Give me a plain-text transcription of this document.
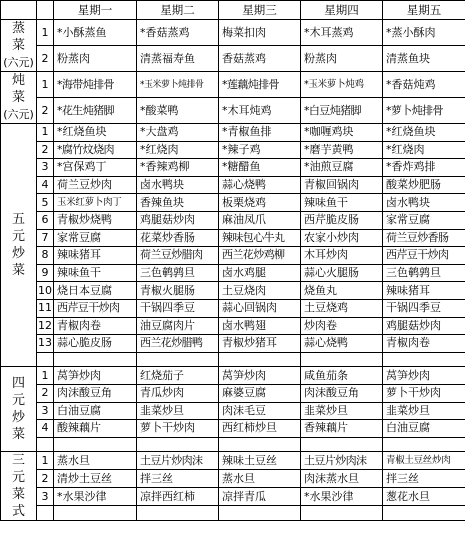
		星期一	星期二	星期三	星期四	星期五

蒸
菜
(六元)	1	*小酥蒸鱼	*香菇蒸鸡	梅菜扣肉	*木耳蒸鸡	*蒸小酥肉
	2	粉蒸肉	清蒸福寿鱼	香菇蒸鸡	粉蒸肉	清蒸鱼块

炖
菜
(六元)	1	*海带炖排骨	*玉米萝卜炖排骨	*莲藕炖排骨	*玉米萝卜炖鸡	*香菇炖鸡
	2	*花生炖猪脚	*酸菜鸭	*木耳炖鸡	*白豆炖猪脚	*萝卜炖排骨

五
元
炒
菜	1	*红烧鱼块	*大盘鸡	*青椒鱼排	*咖喱鸡块	*红烧鱼块
	2	*腐竹炆烧肉	*红烧肉	*辣子鸡	*磨芋黄鸭	*红烧肉
	3	*宫保鸡丁	*香辣鸡柳	*糖醋鱼	*油煎豆腐	*香炸鸡排
	4	荷兰豆炒肉	卤水鸭块	蒜心烧鸭	青椒回锅肉	酸菜炒肥肠
	5	玉米红萝卜肉丁	香辣鱼块	板栗烧鸡	辣味鱼干	卤水鸭块
	6	青椒炒烧鸭	鸡腿菇炒肉	麻油凤爪	西芹脆皮肠	家常豆腐
	7	家常豆腐	花菜炒香肠	辣味包心牛丸	农家小炒肉	荷兰豆炒香肠
	8	辣味猪耳	荷兰豆炒腊肉	西兰花炒鸡柳	木耳炒肉	西芹豆干炒肉
	9	辣味鱼干	三色鹌鹑旦	卤水鸡腿	蒜心火腿肠	三色鹌鹑旦
	10	烧日本豆腐	青椒火腿肠	土豆烧肉	烧鱼丸	辣味猪耳
	11	西芹豆干炒肉	干锅四季豆	蒜心回锅肉	土豆烧鸡	干锅四季豆
	12	青椒肉卷	油豆腐肉片	卤水鸭翅	炒肉卷	鸡腿菇炒肉
	13	蒜心脆皮肠	西兰花炒腊鸭	青椒炒猪耳	蒜心烧鸭	青椒肉卷

四
元
炒
菜	1	莴笋炒肉	红烧茄子	莴笋炒肉	咸鱼茄条	莴笋炒肉
	2	肉沫酸豆角	青瓜炒肉	麻婆豆腐	肉沫酸豆角	萝卜干炒肉
	3	白油豆腐	韭菜炒旦	肉沫毛豆	韭菜炒旦	韭菜炒旦
	4	酸辣藕片	萝卜干炒肉	西红柿炒旦	香辣藕片	白油豆腐

三
元
菜
式	1	蒸水旦	土豆片炒肉沫	辣味土豆丝	土豆片炒肉沫	青椒土豆丝炒肉
	2	清炒土豆丝	拌三丝	蒸水旦	肉沫蒸水旦	拌三丝
	3	*水果沙律	凉拌西红柿	凉拌青瓜	*水果沙律	葱花水旦
